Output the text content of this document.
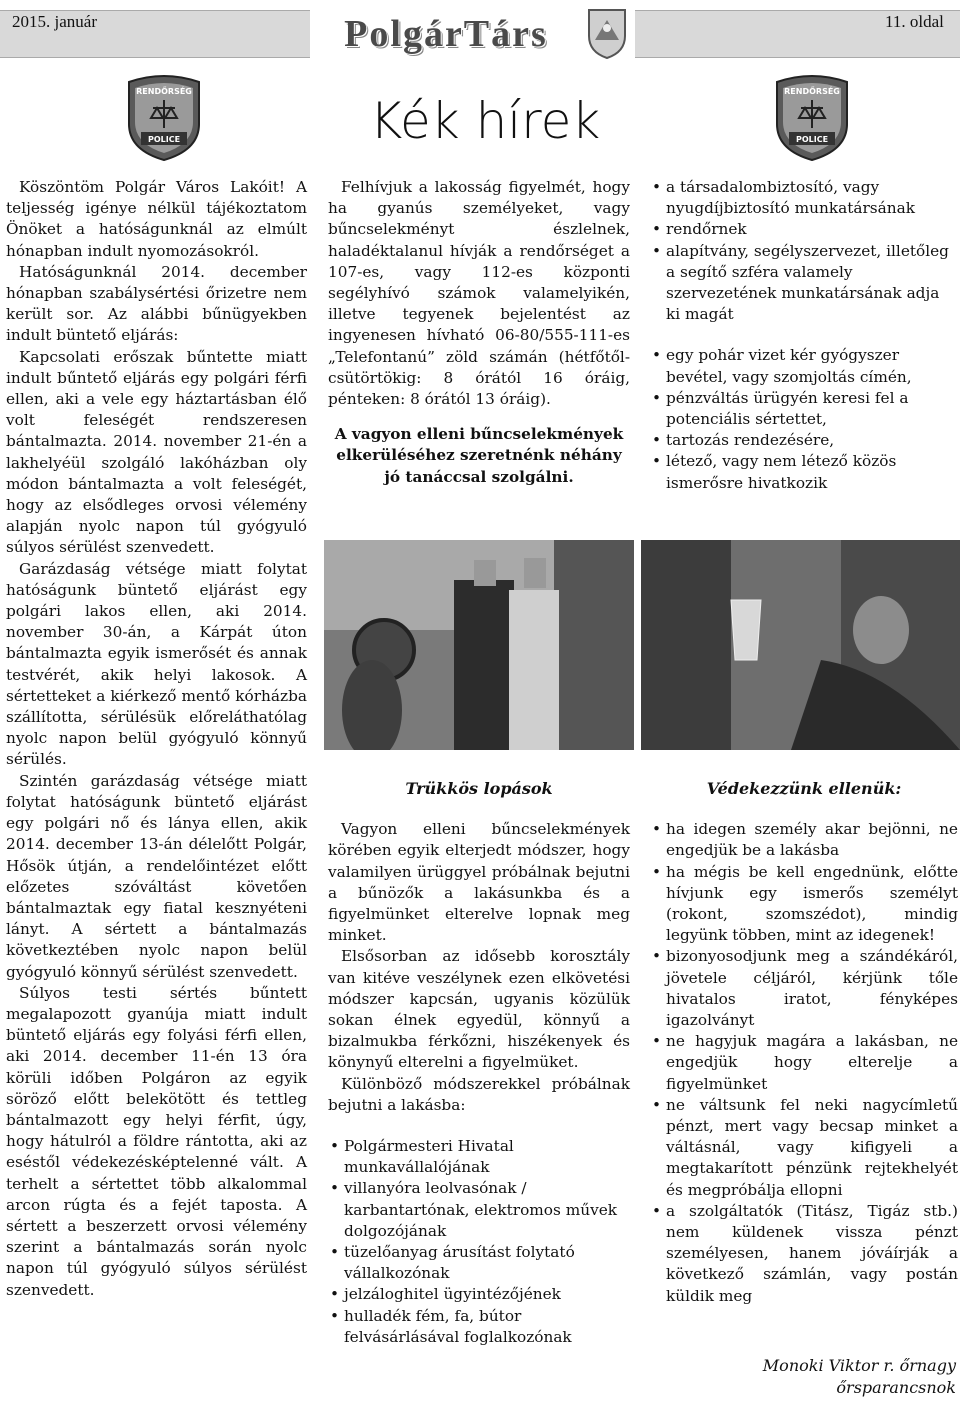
2015. január	11. oldal
PolgárTárs
RENDŐRSÉG
POLICE
RENDŐRSÉG
POLICE
Kék hírek

Köszöntöm Polgár Város Lakóit! A teljesség igénye nélkül tájékoztatom Önöket a hatóságunknál az elmúlt hónapban indult nyomozásokról.

Hatóságunknál 2014. december hónapban szabálysértési őrizetre nem került sor. Az alábbi bűnügyekben indult büntető eljárás:

Kapcsolati erőszak bűntette miatt indult bűntető eljárás egy polgári férfi ellen, aki a vele egy háztartásban élő volt feleségét rendszeresen bántalmazta. 2014. november 21-én a lakhelyéül szolgáló lakóházban oly módon bántalmazta a volt feleségét, hogy az elsődleges orvosi vélemény alapján nyolc napon túl gyógyuló súlyos sérülést szenvedett.

Garázdaság vétsége miatt folytat hatóságunk büntető eljárást egy polgári lakos ellen, aki 2014. november 30-án, a Kárpát úton bántalmazta egyik ismerősét és annak testvérét, akik helyi lakosok. A sértetteket a kiérkező mentő kórházba szállította, sérülésük előreláthatólag nyolc napon belül gyógyuló könnyű sérülés.

Szintén garázdaság vétsége miatt folytat hatóságunk büntető eljárást egy polgári nő és lánya ellen, akik 2014. december 13-án délelőtt Polgár, Hősök útján, a rendelőintézet előtt előzetes szóváltást követően bántalmaztak egy fiatal kesznyéteni lányt. A sértett a bántalmazás következtében nyolc napon belül gyógyuló könnyű sérülést szenvedett.

Súlyos testi sértés bűntett megalapozott gyanúja miatt indult büntető eljárás egy folyási férfi ellen, aki 2014. december 11-én 13 óra körüli időben Polgáron az egyik söröző előtt belekötött és tettleg bántalmazott egy helyi férfit, úgy, hogy hátulról a földre rántotta, aki az eséstől védekezésképtelenné vált. A terhelt a sértettet több alkalommal arcon rúgta és a fejét taposta. A sértett a beszerzett orvosi vélemény szerint a bántalmazás során nyolc napon túl gyógyuló súlyos sérülést szenvedett.

Felhívjuk a lakosság figyelmét, hogy ha gyanús személyeket, vagy bűncselekményt észlelnek, haladéktalanul hívják a rendőrséget a 107-es, vagy 112-es központi segélyhívó számok valamelyikén, illetve tegyenek bejelentést az ingyenesen hívható 06-80/555-111-es „Telefontanú” zöld számán (hétfőtől-csütörtökig: 8 órától 16 óráig, pénteken: 8 órától 13 óráig).

A vagyon elleni bűncselekmények elkerüléséhez szeretnénk néhány jó tanáccsal szolgálni.

• a társadalombiztosító, vagy nyugdíjbiztosító munkatársának
• rendőrnek
• alapítvány, segélyszervezet, illetőleg a segítő szféra valamely szervezetének munkatársának adja ki magát
• egy pohár vizet kér gyógyszer bevétel, vagy szomjoltás címén,
• pénzváltás ürügyén keresi fel a potenciális sértettet,
• tartozás rendezésére,
• létező, vagy nem létező közös ismerősre hivatkozik

Trükkös lopások

Vagyon elleni bűncselekmények körében egyik elterjedt módszer, hogy valamilyen ürüggyel próbálnak bejutni a bűnözők a lakásunkba és a figyelmünket elterelve lopnak meg minket.

Elsősorban az idősebb korosztály van kitéve veszélynek ezen elkövetési módszer kapcsán, ugyanis közülük sokan élnek egyedül, könnyű a bizalmukba férkőzni, hiszékenyek és könynyű elterelni a figyelmüket.

Különböző módszerekkel próbálnak bejutni a lakásba:

• Polgármesteri Hivatal munkavállalójának
• villanyóra leolvasónak / karbantartónak, elektromos művek dolgozójának
• tüzelőanyag árusítást folytató vállalkozónak
• jelzáloghitel ügyintézőjének
• hulladék fém, fa, bútor felvásárlásával foglalkozónak

Védekezzünk ellenük:

• ha idegen személy akar bejönni, ne engedjük be a lakásba
• ha mégis be kell engednünk, előtte hívjunk egy ismerős személyt (rokont, szomszédot), mindig legyünk többen, mint az idegenek!
• bizonyosodjunk meg a szándékáról, jövetele céljáról, kérjünk tőle hivatalos iratot, fényképes igazolványt
• ne hagyjuk magára a lakásban, ne engedjük hogy elterelje a figyelmünket
• ne váltsunk fel neki nagycímletű pénzt, mert vagy becsap minket a váltásnál, vagy kifigyeli a megtakarított pénzünk rejtekhelyét és megpróbálja ellopni
• a szolgáltatók (Titász, Tigáz stb.) nem küldenek vissza pénzt személyesen, hanem jóváírják a következő számlán, vagy postán küldik meg
Monoki Viktor r. őrnagy
őrsparancsnok
